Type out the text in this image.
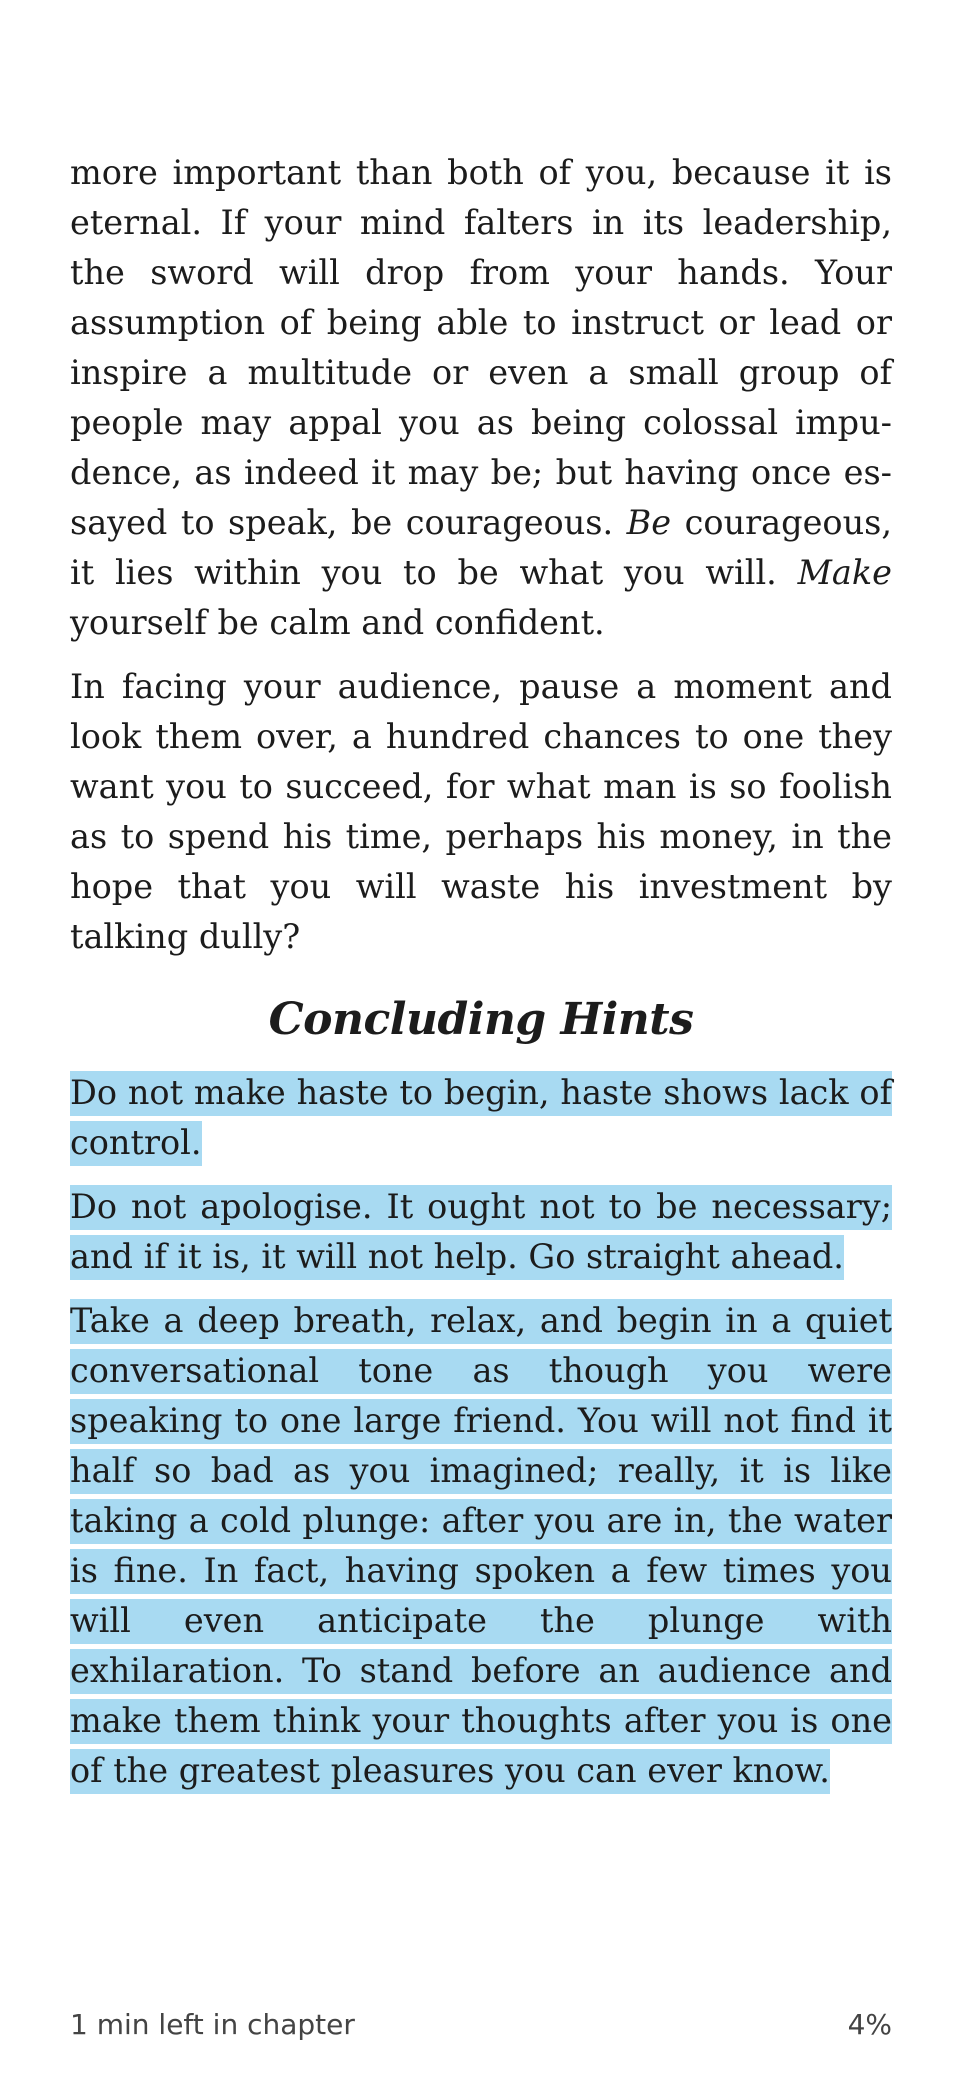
more important than both of you, because it is eternal. If your mind falters in its leadership, the sword will drop from your hands. Your assumption of being able to instruct or lead or inspire a multitude or even a small group of people may appal you as being colossal impudence, as indeed it may be; but having once essayed to speak, be courageous. Be courageous, it lies within you to be what you will. Make yourself be calm and confident.

In facing your audience, pause a moment and look them over, a hundred chances to one they want you to succeed, for what man is so foolish as to spend his time, perhaps his money, in the hope that you will waste his investment by talking dully?

Concluding Hints

Do not make haste to begin, haste shows lack of control.

Do not apologise. It ought not to be necessary; and if it is, it will not help. Go straight ahead.

Take a deep breath, relax, and begin in a quiet conversational tone as though you were speaking to one large friend. You will not find it half so bad as you imagined; really, it is like taking a cold plunge: after you are in, the water is fine. In fact, having spoken a few times you will even anticipate the plunge with exhilaration. To stand before an audience and make them think your thoughts after you is one of the greatest pleasures you can ever know.

1 min left in chapter	4%
